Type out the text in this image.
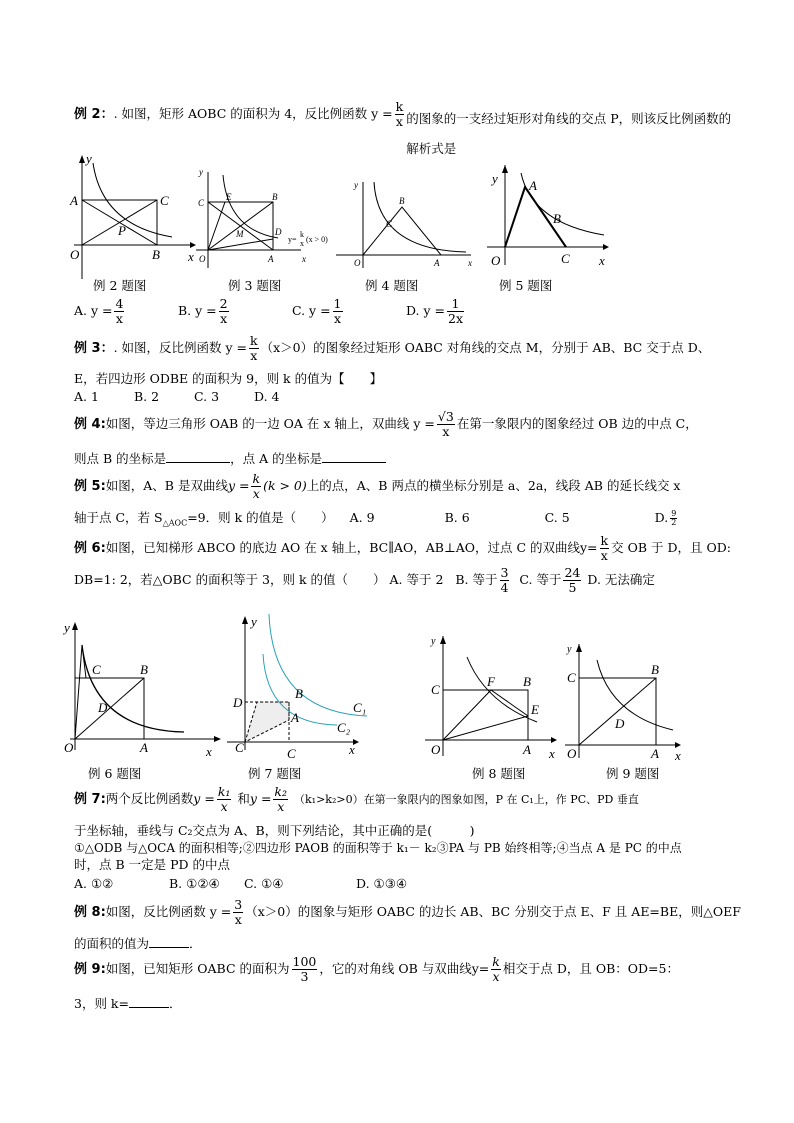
例 2：. 如图，矩形 AOBC 的面积为 4，反比例函数 $y = \frac{k}{x}$ 的图象的一支经过矩形对角线的交点 P，则该反比例函数的解析式是
y
A	C
P
O	B x
y
C
E	B
M	D
O	A	x
y=
k
x (x > 0)
y
B
C
O	A	x
y A
B
O	C x
例 2 题图	例 3 题图	例 4 题图	例 5 题图
A. $y = \frac{4}{x}$	B. $y = \frac{2}{x}$	C. $y = \frac{1}{x}$	D. $y = \frac{1}{2x}$
例 3：. 如图，反比例函数 $y = \frac{k}{x} (x>0)$的图象经过矩形 OABC 对角线的交点 M，分别于 AB、BC 交于点 D、
E，若四边形 ODBE 的面积为 9，则 k 的值为【　　】
A. 1	B. 2	C. 3	D. 4
例 4:如图，等边三角形 OAB 的一边 OA 在 x 轴上，双曲线 $y = \frac{√3}{x}$ 在第一象限内的图象经过 OB 边的中点 C，
则点 B 的坐标是	，点 A 的坐标是
例 5:如图，A、B 是双曲线$y = \frac{k}{x} (k > 0)$上的点，A、B 两点的横坐标分别是 a、2a，线段 AB 的延长线交 x
轴于点 C，若 $S_{\triangle AOC}=9$．则 k 的值是（　　） A. 9	B. 6	C. 5	D. $\frac{9}{2}$
例 6:如图，已知梯形 ABCO 的底边 AO 在 x 轴上，BC∥AO，AB⊥AO，过点 C 的双曲线$y= \frac{k}{x}$ 交 OB 于 D，且 OD:
DB=1: 2，若△OBC 的面积等于 3，则 k 的值（　　） A. 等于 2 B. 等于 $\frac{3}{4} C$. 等于 $\frac{24}{5} D$. 无法确定
y
C	B
D
O	A	x
y
D
B
A
C₁
C₂
C	C	x
y
C
F B
E
O	A x
y
C
B
D
O	A x
例 6 题图	例 7 题图	例 8 题图	例 9 题图
例 7:两个反比例函数$y = \frac{\text{k₁}}{x}$ 和$y = \frac{\text{k₂}}{x} (k_1>k_2>0)$在第一象限内的图象如图，P 在 C₁上，作 PC、PD 垂直
于坐标轴，垂线与 C₂交点为 A、B，则下列结论，其中正确的是(　　　)
①△ODB 与△OCA 的面积相等;②四边形 PAOB 的面积等于 k₁－ k₂③PA 与 PB 始终相等;④当点 A 是 PC 的中点
时，点 B 一定是 PD 的中点
A. ①②	B. ①②④ C. ①④	D. ①③④
例 8:如图，反比例函数 $y = \frac{3}{x} (x>0)$的图象与矩形 OABC 的边长 AB、BC 分别交于点 E、F 且 AE=BE，则△OEF
的面积的值为	．
例 9:如图，已知矩形 OABC 的面积为 $\frac{100}{3}$ ，它的对角线 OB 与双曲线$y= \frac{k}{x}$ 相交于点 D，且 OB：OD=5：
3，则 k=	．
